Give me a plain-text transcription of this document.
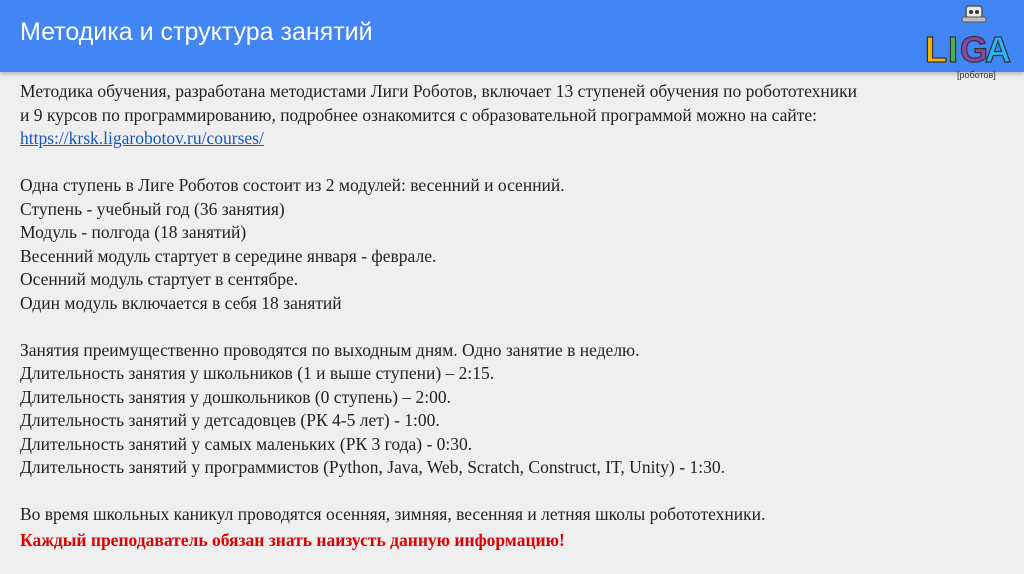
Методика и структура занятий	L I G
A
[роботов]
Методика обучения, разработана методистами Лиги Роботов, включает 13 ступеней обучения по робототехники
и 9 курсов по программированию, подробнее ознакомится с образовательной программой можно на сайте:
https://krsk.ligarobotov.ru/courses/
Одна ступень в Лиге Роботов состоит из 2 модулей: весенний и осенний.
Ступень - учебный год (36 занятия)
Модуль - полгода (18 занятий)
Весенний модуль стартует в середине января - феврале.
Осенний модуль стартует в сентябре.
Один модуль включается в себя 18 занятий
Занятия преимущественно проводятся по выходным дням. Одно занятие в неделю.
Длительность занятия у школьников (1 и выше ступени) – 2:15.
Длительность занятия у дошкольников (0 ступень) – 2:00.
Длительность занятий у детсадовцев (РК 4-5 лет) - 1:00.
Длительность занятий у самых маленьких (РК 3 года) - 0:30.
Длительность занятий у программистов (Python, Java, Web, Scratch, Construct, IT, Unity) - 1:30.
Во время школьных каникул проводятся осенняя, зимняя, весенняя и летняя школы робототехники.
Каждый преподаватель обязан знать наизусть данную информацию!
